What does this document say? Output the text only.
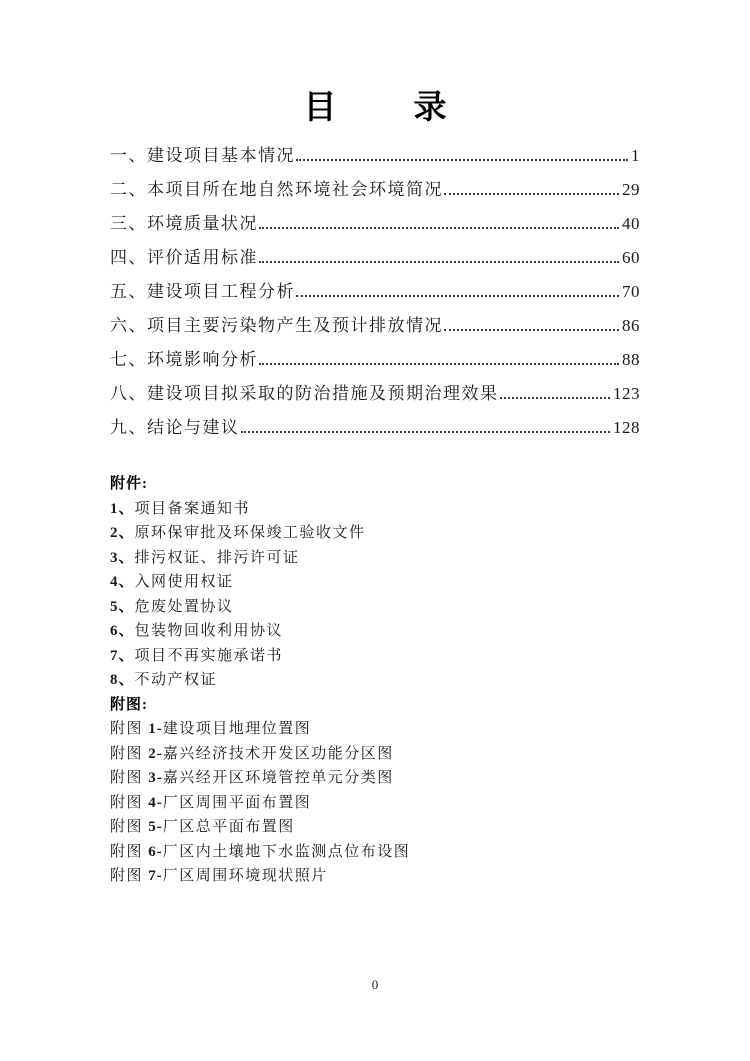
目 录
一、建设项目基本情况	1
二、本项目所在地自然环境社会环境简况	29
三、环境质量状况	40
四、评价适用标准	60
五、建设项目工程分析	70
六、项目主要污染物产生及预计排放情况	86
七、环境影响分析	88
八、建设项目拟采取的防治措施及预期治理效果	123
九、结论与建议	128
附件:
1、项目备案通知书
2、原环保审批及环保竣工验收文件
3、排污权证、排污许可证
4、入网使用权证
5、危废处置协议
6、包装物回收利用协议
7、项目不再实施承诺书
8、不动产权证
附图:
附图 1-建设项目地理位置图
附图 2-嘉兴经济技术开发区功能分区图
附图 3-嘉兴经开区环境管控单元分类图
附图 4-厂区周围平面布置图
附图 5-厂区总平面布置图
附图 6-厂区内土壤地下水监测点位布设图
附图 7-厂区周围环境现状照片
0
